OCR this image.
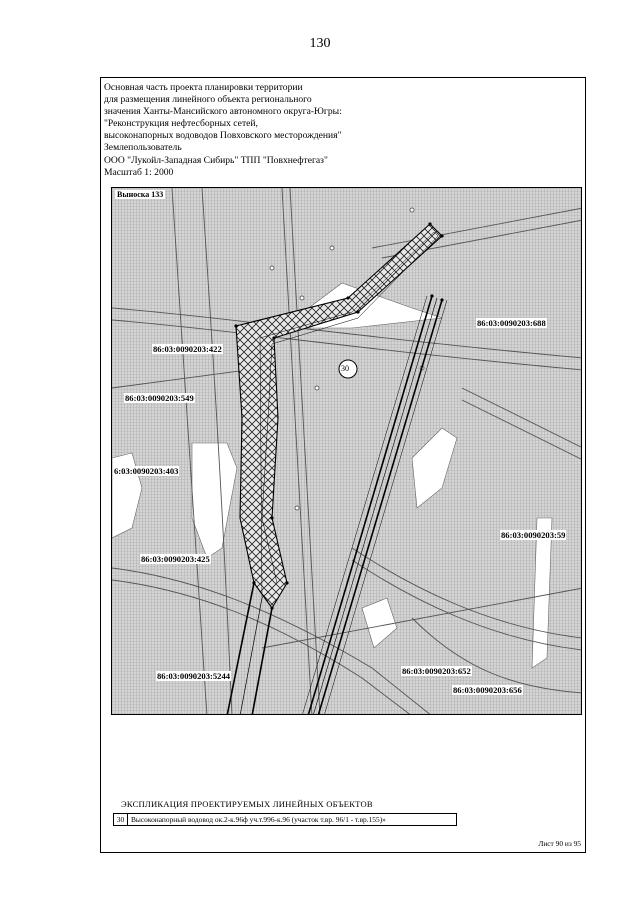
130
Основная часть проекта планировки территории
для размещения линейного объекта регионального
значения Ханты-Мансийского автономного округа-Югры:
"Реконструкция нефтесборных сетей,
высоконапорных водоводов Повховского месторождения"
Землепользователь
ООО "Лукойл-Западная Сибирь" ТПП "Повхнефтегаз"
Масштаб 1: 2000
30
Выноска 133
86:03:0090203:688
86:03:0090203:422
86:03:0090203:549
6:03:0090203:403
86:03:0090203:59
86:03:0090203:425
86:03:0090203:5244	86:03:0090203:652
86:03:0090203:656
ЭКСПЛИКАЦИЯ ПРОЕКТИРУЕМЫХ ЛИНЕЙНЫХ ОБЪЕКТОВ
30 Высоконапорный водовод ок.2-к.96ф уч.т.996-к.96 (участок т.вр. 96/1 - т.вр.155)»
Лист 90 из 95
